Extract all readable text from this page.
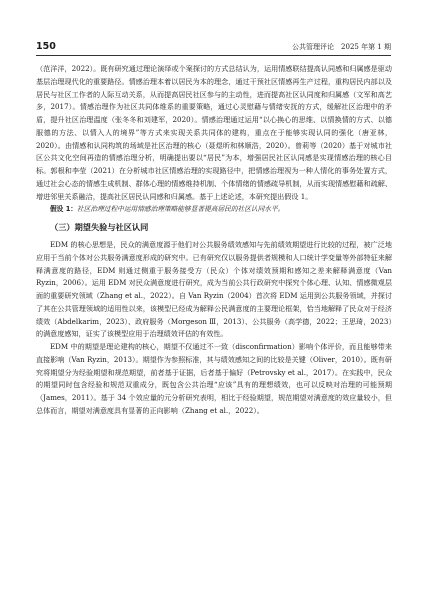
150	公共管理评论　2025 年第 1 期

（范洋洋，2022）。既有研究通过理论演绎或个案探讨的方式总结认为，运用情感联结提高认同感和归属感是驱动基层治理现代化的重要路径。情感治理本着以居民为本的理念，通过干预社区情感再生产过程，重构居民内部以及居民与社区工作者的人际互动关系，从而提高居民社区参与的主动性，进而提高社区认同度和归属感（文军和高艺多，2017）。情感治理作为社区共同体维系的重要策略，通过心灵慰藉与情绪安抚的方式，缓解社区治理中的矛盾，提升社区治理温度（张冬冬和刘建军，2020）。情感治理通过运用“以心换心的思维、以情换情的方式、以德服德的方法、以情入人的境界”等方式来实现关系共同体的建构，重点在于能够实现认同的强化（唐亚林，2020）。由情感和认同构筑的场域是社区治理的核心（聂煜昕和林顺浩，2020）。曾莉等（2020）基于对城市社区公共文化空间再造的情感治理分析，明确提出要以“居民”为本，增强居民社区认同感是实现情感治理的核心目标。郭根和李莹（2021）在分析城市社区情感治理的实现路径中，把情感治理视为一种人情化的事务处置方式，通过社会心态的情感生成机制、群体心理的情感维持机制、个体情绪的情感疏导机制，从而实现情感慰藉和疏解、增进邻里关系融洽，提高社区居民认同感和归属感。基于上述论述，本研究提出假设 1。

假设 1：社区治理过程中运用情感治理策略能够显著提高居民的社区认同水平。

（三）期望失验与社区认同

EDM 的核心思想是，民众的满意度源于他们对公共服务绩效感知与先前绩效期望进行比较的过程，被广泛地应用于当前个体对公共服务满意度形成的研究中。已有研究仅以服务提供者规模和人口统计学变量等外部特征来解释满意度的路径，EDM 则通过侧重于服务接受方（民众）个体对绩效预期和感知之差来解释满意度（Van Ryzin，2006）。运用 EDM 对民众满意度进行研究，成为当前公共行政研究中探究个体心理、认知、情感微观层面的重要研究领域（Zhang et al.，2022）。自 Van Ryzin（2004）首次将 EDM 运用到公共服务领域，并探讨了其在公共管理领域的适用性以来，该模型已经成为解释公民满意度的主要理论框架，恰当地解释了民众对于经济绩效（Abdelkarim，2023）、政府服务（Morgeson Ⅲ，2013）、公共服务（高学德，2022；王思琦，2023）的满意度感知，证实了该模型应用于治理绩效评估的有效性。

EDM 中的期望是理论建构的核心，期望不仅通过不一致（disconfirmation）影响个体评价，而且能够带来直接影响（Van Ryzin，2013）。期望作为参照标准，其与绩效感知之间的比较是关键（Oliver，2010）。既有研究将期望分为经验期望和规范期望，前者基于证据，后者基于偏好（Petrovsky et al.，2017）。在实践中，民众的期望同时包含经验和规范双重成分，既包含公共治理“应该”具有的理想绩效，也可以反映对治理的可能预期（James，2011）。基于 34 个效应量的元分析研究表明，相比于经验期望，规范期望对满意度的效应量较小，但总体而言，期望对满意度具有显著的正向影响（Zhang et al.，2022）。
